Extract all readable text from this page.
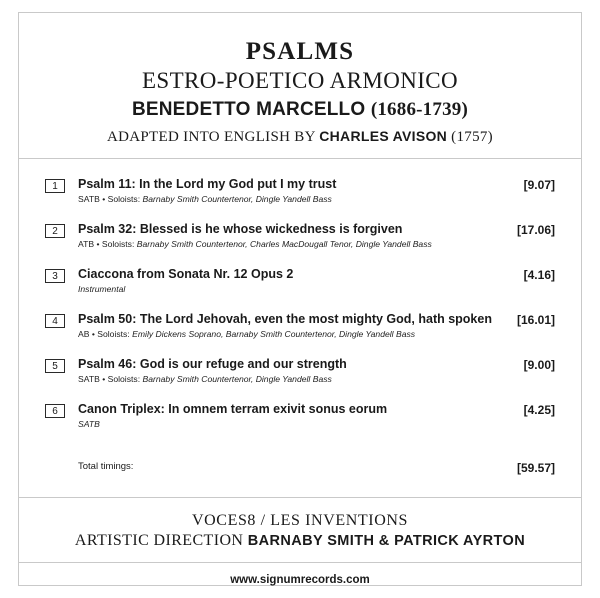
PSALMS
ESTRO-POETICO ARMONICO
BENEDETTO MARCELLO (1686-1739)
ADAPTED INTO ENGLISH BY CHARLES AVISON (1757)
1	Psalm 11: In the Lord my God put I my trust
SATB • Soloists: Barnaby Smith Countertenor, Dingle Yandell Bass
[9.07]
2	Psalm 32: Blessed is he whose wickedness is forgiven
ATB • Soloists: Barnaby Smith Countertenor, Charles MacDougall Tenor, Dingle Yandell Bass
[17.06]
3	Ciaccona from Sonata Nr. 12 Opus 2
Instrumental
[4.16]
4	Psalm 50: The Lord Jehovah, even the most mighty God, hath spoken
AB • Soloists: Emily Dickens Soprano, Barnaby Smith Countertenor, Dingle Yandell Bass
[16.01]
5	Psalm 46: God is our refuge and our strength
SATB • Soloists: Barnaby Smith Countertenor, Dingle Yandell Bass
[9.00]
6	Canon Triplex: In omnem terram exivit sonus eorum
SATB
[4.25]
Total timings:	[59.57]
VOCES8 / LES INVENTIONS
ARTISTIC DIRECTION BARNABY SMITH & PATRICK AYRTON
www.signumrecords.com
